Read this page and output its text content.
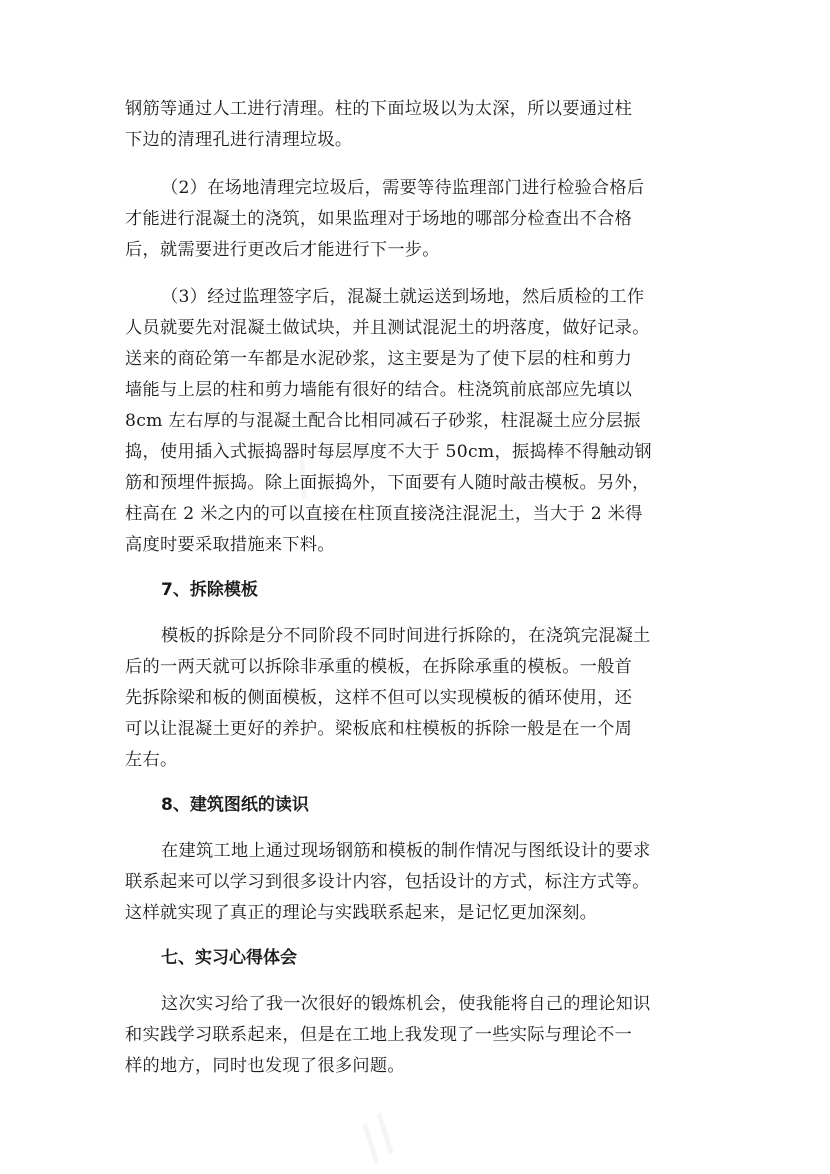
钢筋等通过人工进行清理。柱的下面垃圾以为太深，所以要通过柱
下边的清理孔进行清理垃圾。
（2）在场地清理完垃圾后，需要等待监理部门进行检验合格后
才能进行混凝土的浇筑，如果监理对于场地的哪部分检查出不合格
后，就需要进行更改后才能进行下一步。
（3）经过监理签字后，混凝土就运送到场地，然后质检的工作
人员就要先对混凝土做试块，并且测试混泥土的坍落度，做好记录。
送来的商砼第一车都是水泥砂浆，这主要是为了使下层的柱和剪力
墙能与上层的柱和剪力墙能有很好的结合。柱浇筑前底部应先填以
8cm 左右厚的与混凝土配合比相同减石子砂浆，柱混凝土应分层振
捣，使用插入式振捣器时每层厚度不大于 50cm，振捣棒不得触动钢
筋和预埋件振捣。除上面振捣外，下面要有人随时敲击模板。另外，
柱高在 2 米之内的可以直接在柱顶直接浇注混泥土，当大于 2 米得
高度时要采取措施来下料。
7、拆除模板
模板的拆除是分不同阶段不同时间进行拆除的，在浇筑完混凝土
后的一两天就可以拆除非承重的模板，在拆除承重的模板。一般首
先拆除梁和板的侧面模板，这样不但可以实现模板的循环使用，还
可以让混凝土更好的养护。梁板底和柱模板的拆除一般是在一个周
左右。
8、建筑图纸的读识
在建筑工地上通过现场钢筋和模板的制作情况与图纸设计的要求
联系起来可以学习到很多设计内容，包括设计的方式，标注方式等。
这样就实现了真正的理论与实践联系起来，是记忆更加深刻。
七、实习心得体会
这次实习给了我一次很好的锻炼机会，使我能将自己的理论知识
和实践学习联系起来，但是在工地上我发现了一些实际与理论不一
样的地方，同时也发现了很多问题。
